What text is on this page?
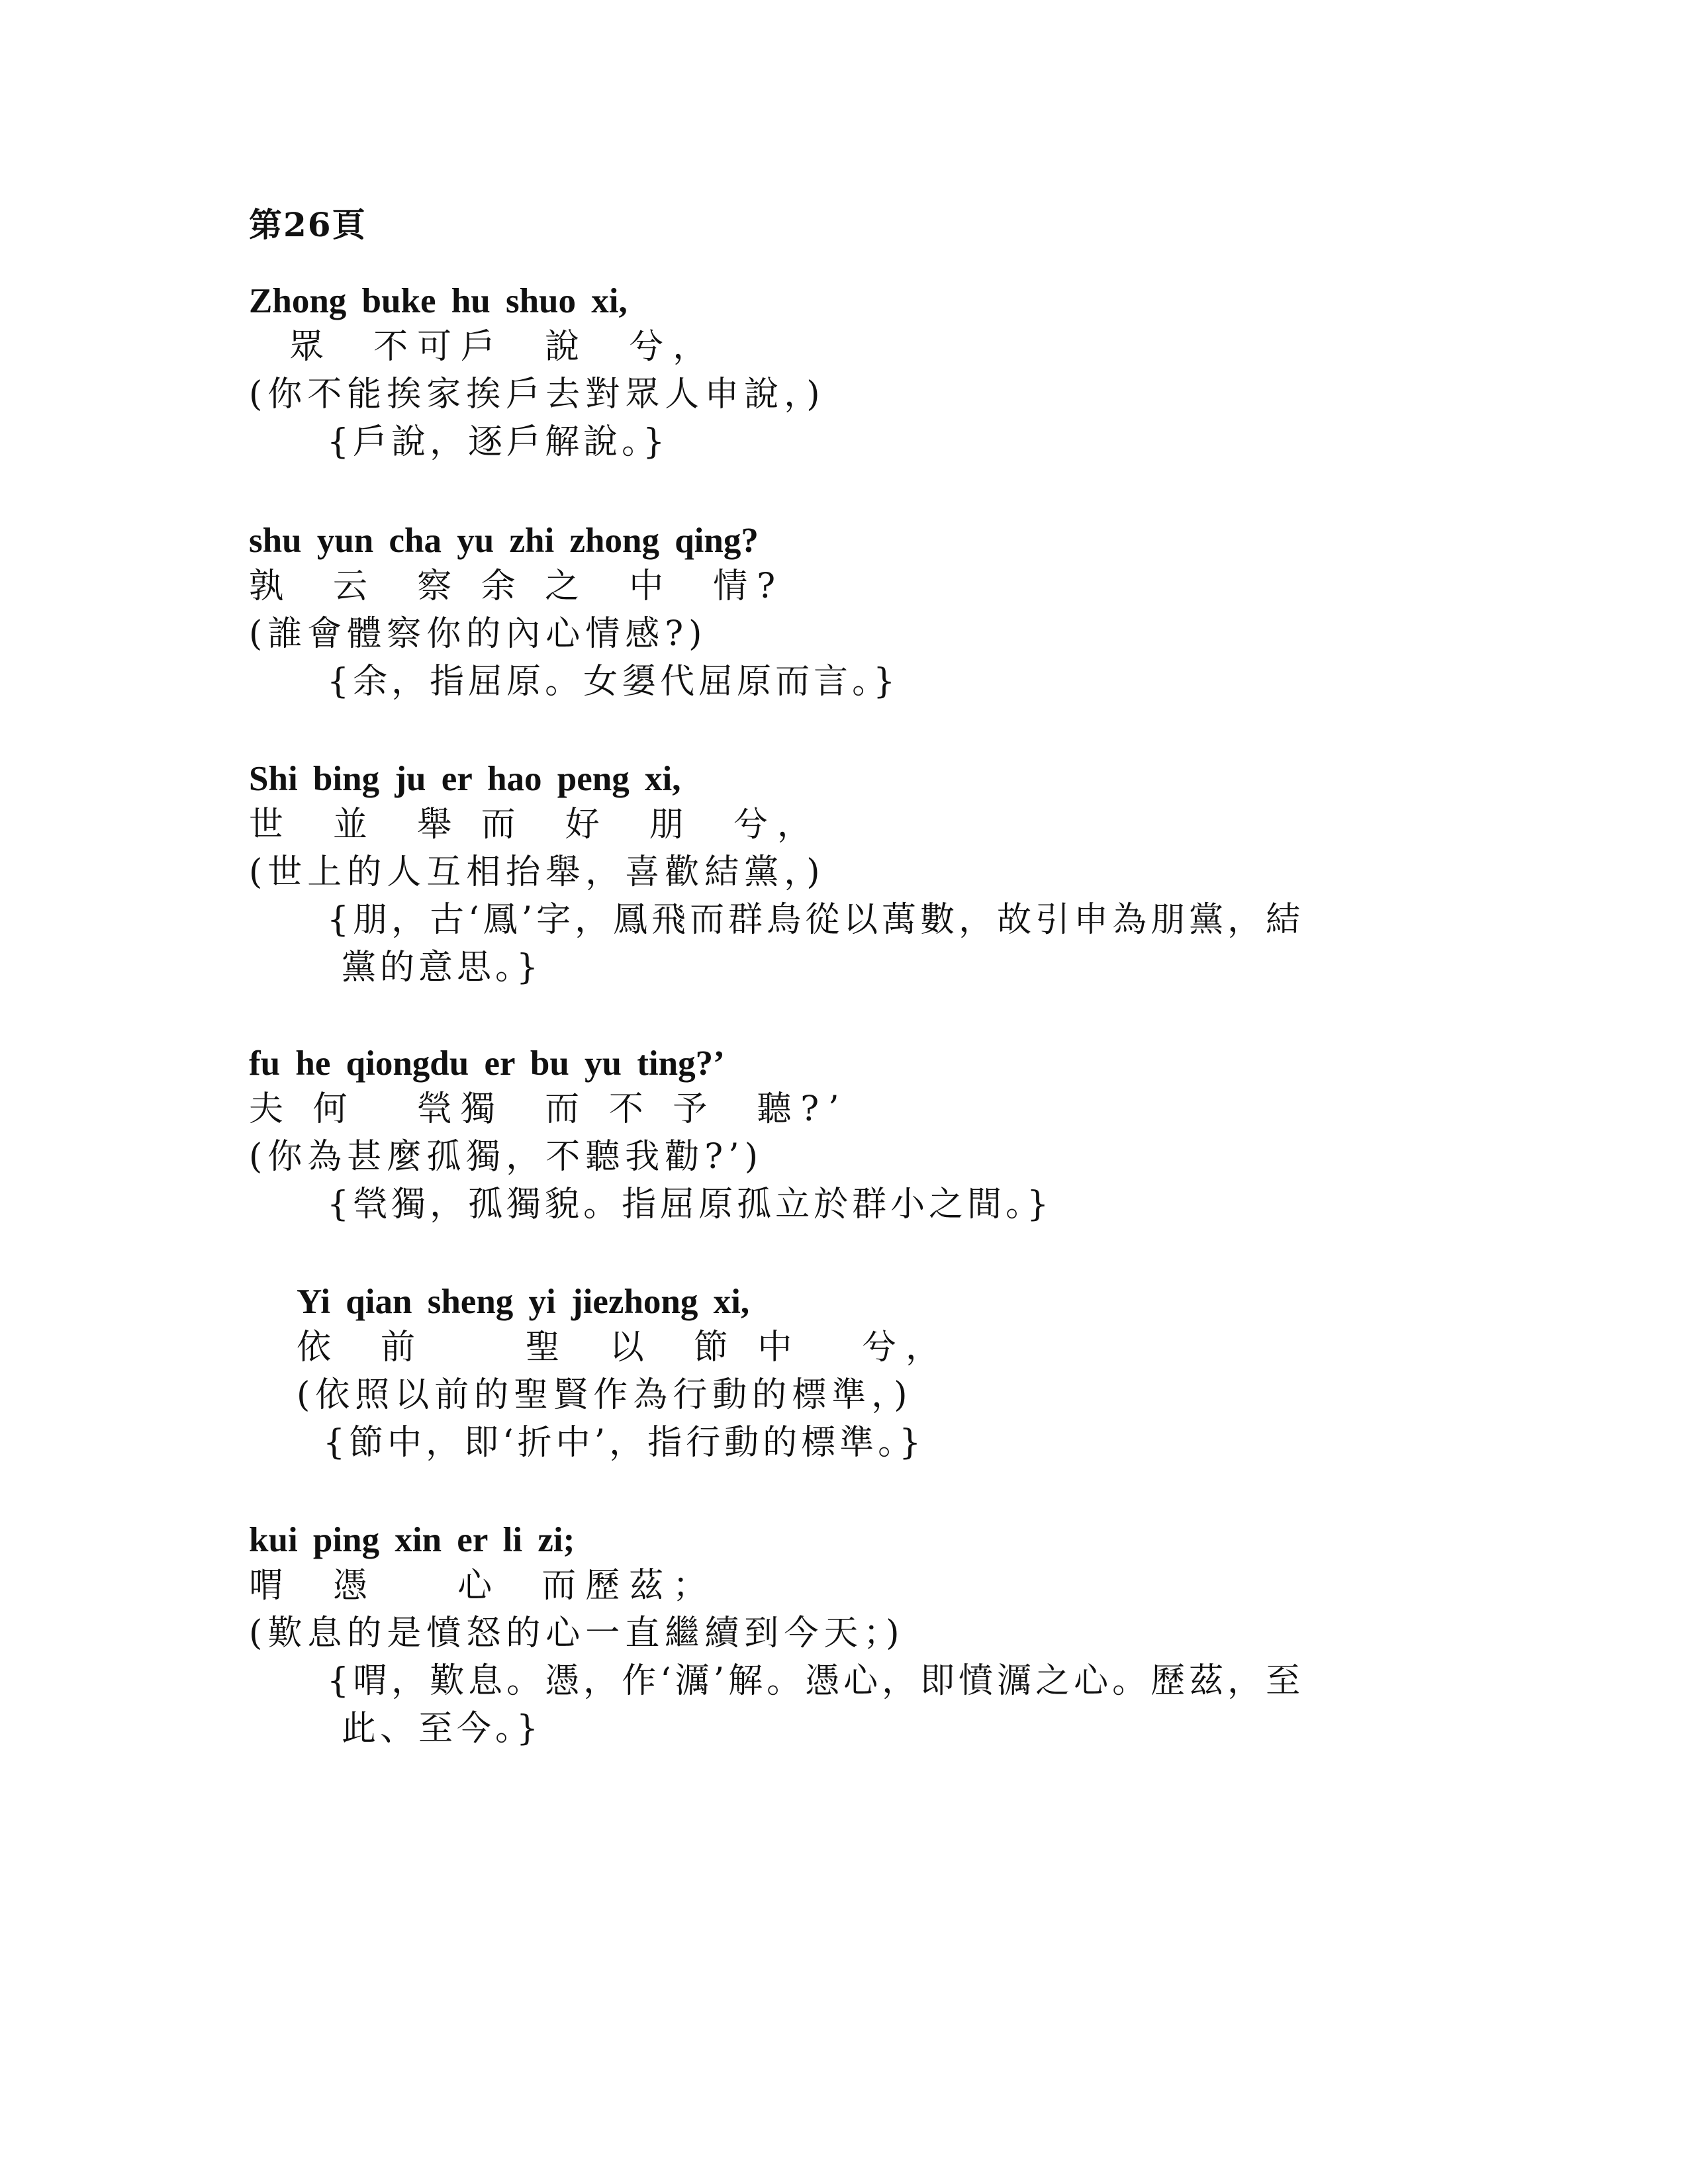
第26頁
Zhong buke hu shuo xi,
眾  不可戶  說  兮，
(你不能挨家挨戶去對眾人申說，)
{戶說，逐戶解說。}
shu yun cha yu zhi zhong qing?
孰  云  察 余 之  中  情?
(誰會體察你的內心情感?)
{余，指屈原。女嬃代屈原而言。}
Shi bing ju er hao peng xi,
世  並  舉 而  好  朋  兮，
(世上的人互相抬舉，喜歡結黨，)
{朋，古‘鳳’字，鳳飛而群鳥從以萬數，故引申為朋黨，結
黨的意思。}
fu he qiongdu er bu yu ting?’
夫 何   煢獨  而 不 予  聽?’
(你為甚麼孤獨，不聽我勸?’)
{煢獨，孤獨貌。指屈原孤立於群小之間。}
Yi qian sheng yi jiezhong xi,
依  前     聖  以  節 中   兮，
(依照以前的聖賢作為行動的標準，)
{節中，即‘折中’，指行動的標準。}
kui ping xin er li zi;
喟  憑    心  而歷茲；
(歎息的是憤怒的心一直繼續到今天；)
{喟，歎息。憑，作‘濿’解。憑心，即憤濿之心。歷茲，至
此、至今。}
